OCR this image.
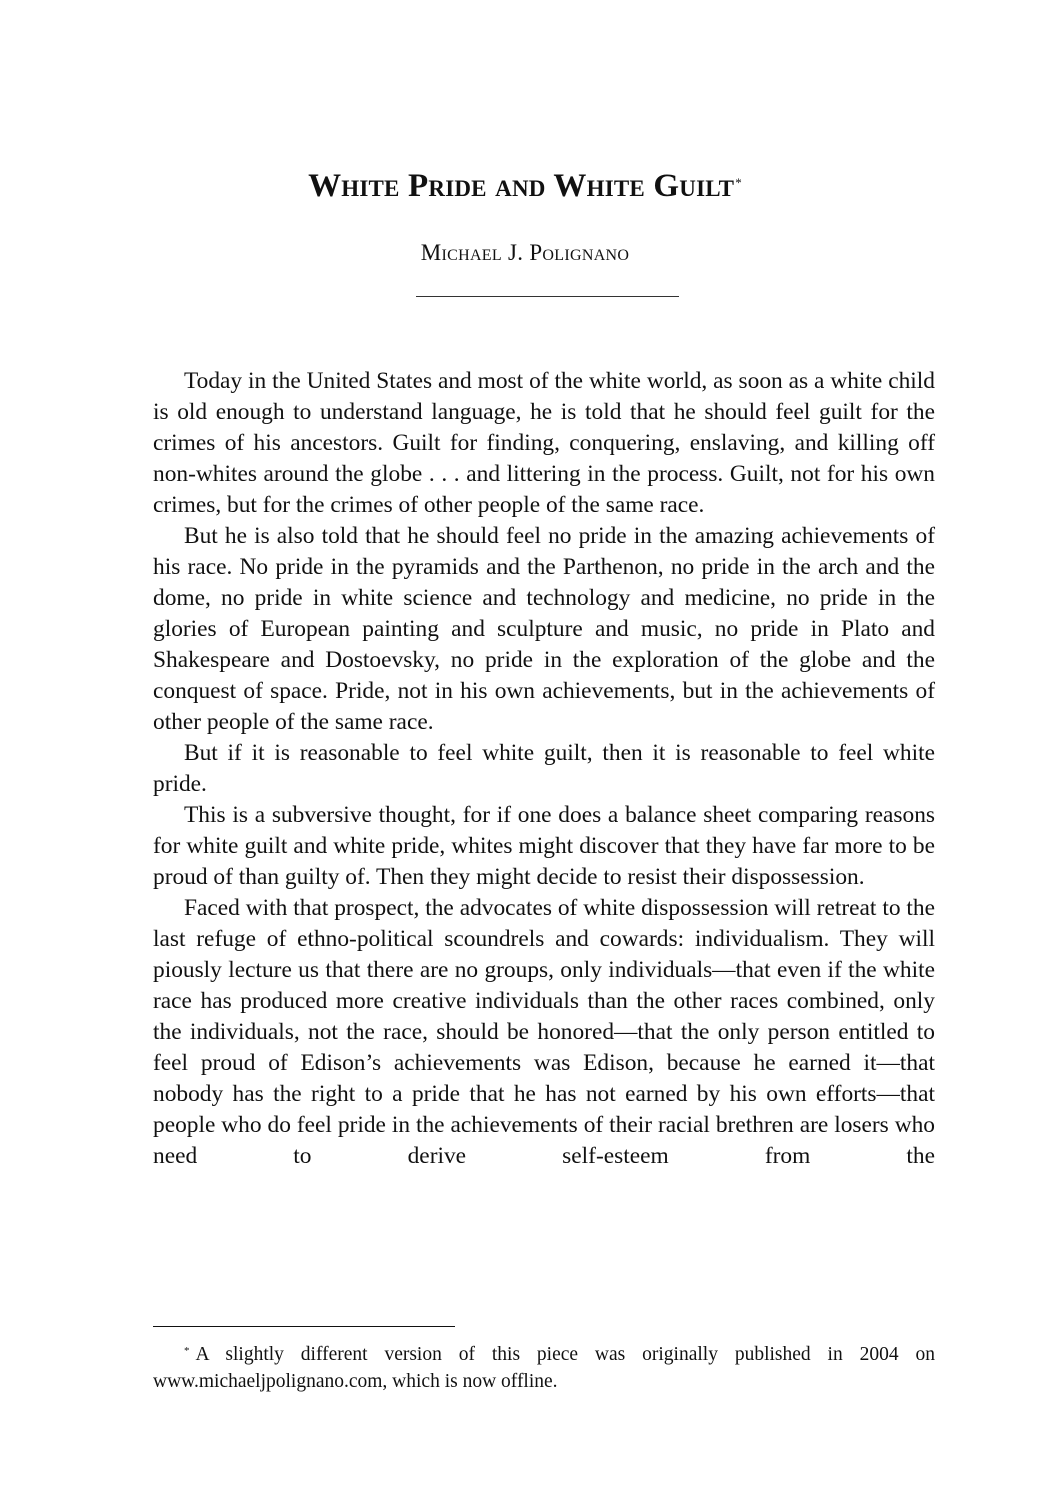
White Pride and White Guilt*
Michael J. Polignano

Today in the United States and most of the white world, as soon as a white child is old enough to understand language, he is told that he should feel guilt for the crimes of his ancestors. Guilt for finding, conquering, enslaving, and killing off non-whites around the globe . . . and littering in the process. Guilt, not for his own crimes, but for the crimes of other people of the same race.

But he is also told that he should feel no pride in the amazing achievements of his race. No pride in the pyramids and the Parthenon, no pride in the arch and the dome, no pride in white science and technology and medicine, no pride in the glories of European painting and sculpture and music, no pride in Plato and Shakespeare and Dostoevsky, no pride in the exploration of the globe and the conquest of space. Pride, not in his own achievements, but in the achievements of other people of the same race.

But if it is reasonable to feel white guilt, then it is reasonable to feel white pride.

This is a subversive thought, for if one does a balance sheet comparing reasons for white guilt and white pride, whites might discover that they have far more to be proud of than guilty of. Then they might decide to resist their dispossession.

Faced with that prospect, the advocates of white dispossession will retreat to the last refuge of ethno-political scoundrels and cowards: individualism. They will piously lecture us that there are no groups, only individuals—that even if the white race has produced more creative individuals than the other races combined, only the individuals, not the race, should be honored—that the only person entitled to feel proud of Edison’s achievements was Edison, because he earned it—that nobody has the right to a pride that he has not earned by his own efforts—that people who do feel pride in the achievements of their racial brethren are losers who need to derive self-esteem from the

* A slightly different version of this piece was originally published in 2004 on www.michaeljpolignano.com, which is now offline.
